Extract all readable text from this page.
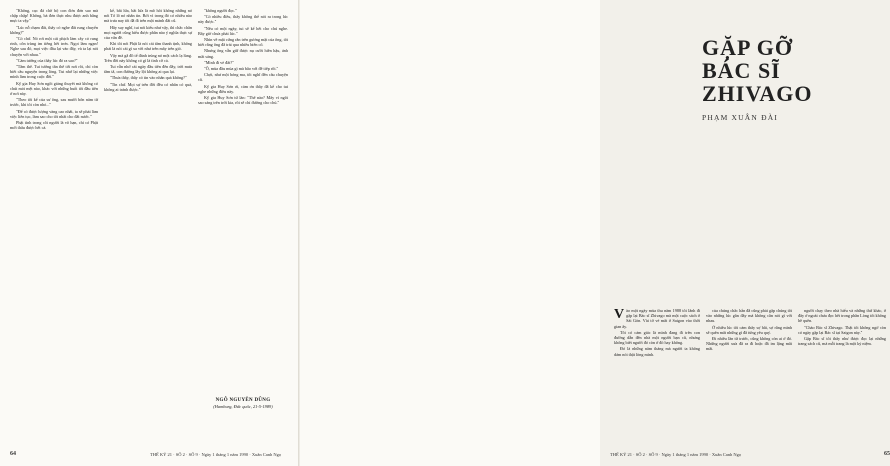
"Không, cục đá chờ bộ con đơn đơn sao mà chặp chặp! Không, bà đơn thực nhu được anh bằng mực ta vậy."

"Lúc nỗ chạm đất, thấy có nghe đất rung chuyển không?"

"Có chứ. Nó rơi một cái phịch làm cây cỏ rung rinh, côn trùng im tiếng hết trơn. Ngọt làm ngạn! Nghe sau đó, mọi việc đâu lại vào đấy, và ta lại nói chuyện với nhau."

"Cảm tưởng của thầy lúc đó ra sao?"

"Tâm thế. Tui tưởng tân thế tới nơi rồi, chỉ còn biết cầu nguyện trong lòng. Tui nhớ lại những việc mình làm trong cuộc đời."

Kỹ gia Huy Sơn ngồi giảng thuyết mà không có chút mỏi mệt nào, khác với những buổi tối đầu tiên ở nơi này.

"Theo tôi kể của sư ông, sau mười bốn năm từ trước, khi tôi còn nhỏ..."

"Để có được lượng vàng cao nhất, ta sẽ phải làm việc liên tục, làm sao cho tốt nhất cho đất nước."

Phật tính trong cõi người là vô hạn, chỉ có Phật mới thấu được hết cả.

kể, bắt lửa, bắt lửa là mồ hôi không những nó nói Tố lố nó nhắn tin. Bởi vì trong đó có nhiều nào mà trưa nay tôi đã đi trên một mảnh đất cũ.

Hãy suy nghĩ, tui nói kiểu như vậy, thì chắc chắn mọi người cũng hiểu được phần nào ý nghĩa thực sự của vấn đề.

Khi tôi nói Phật là nói cái tâm thanh tịnh, không phải là nói cái gì xa vời như trên mây trên gió.

Vậy mà gã đồ tể đánh trúng nó một cách lạ lùng. Trên đời này không có gì là tình cờ cả.

Tui vẫn nhớ cái ngày đầu tiên đến đây, trời mưa tầm tã, con đường lầy lội không ai qua lại.

"Thưa thầy, thầy có tin vào nhân quả không?"

"Tin chứ. Mọi sự trên đời đều có nhân có quả, không ai tránh được."

"không người đọc."

"Có nhiều điều, thấy không thể nói ra trong lúc này được."

"Nếu có một ngày, tui sẽ kể hết cho chú nghe. Bây giờ chưa phải lúc."

Nhìn về mặt cứng rắn trên gương mặt của ông, tôi biết rằng ông đã trải qua nhiều biến cố.

Nhưng ông vẫn giữ được nụ cười hiền hậu, ánh mắt sáng.

"Mình đi vè đất?"

"Ô, mùa đầu mùa gì mà bão với đê tiếp rồi."

Chợt, như một bóng ma, tôi nghĩ đến câu chuyện cũ.

Kỹ gia Huy Sơn ơi, cảm ơn thầy đã kể cho tui nghe những điều này.

Kỹ gia Huy Sơn tứ lăn: "Thế nào? Mấy vì ngôi sao sáng trên trời kia, rồi sẽ chỉ đường cho chú."

NGÔ NGUYÊN DŨNG
(Hamburg, Đức quốc, 21-5-1989)
64	THẾ KỶ 21 · SỐ 2 · SỐ 9 · Ngày 1 tháng 1 năm 1990 · Xuân Canh Ngọ
GẶP GỠ
BÁC SĨ ZHIVAGO
PHẠM XUÂN ĐÀI

Vào một ngày mùa thu năm 1988 tôi lãnh đi gặp lại Bác sĩ Zhivago mà một cuộc sách ở Sài Gòn. Vài tờ vé mất ở Saigon vào thời gian ấy.

Tôi có cảm giác là mình đang đi trên con đường dẫn đến nhà một người bạn cũ, nhưng không biết người đó còn ở đó hay không.

Đó là những năm tháng mà người ta không dám nói thật lòng mình.

của chúng chắc hẳn đã cũng phải gặp chúng tôi vào những lúc gần đây mà không cần nói gì với nhau.

Ở nhiều lúc tôi cảm thấy sợ hãi, sợ rằng mình sẽ quên mất những gì đã từng yêu quý.

Đi nhiều lần từ trước, cũng không còn ai ở đó. Những người xưa đã ra đi hoặc đã im lặng mãi mãi.

người chạy theo nhà hiểu và những thứ khác, ở đây ở ngoài chưa đọc hết trong phần Lòng tôi không hề quên.

"Chào Bác sĩ Zhivago. Thật tôi không ngờ còn có ngày gặp lại Bác sĩ tại Saigon này."

Gặp Bác sĩ tôi thấy như được đọc lại những trang sách cũ, mà mỗi trang là một kỷ niệm.

THẾ KỶ 21 · SỐ 2 · SỐ 9 · Ngày 1 tháng 1 năm 1990 · Xuân Canh Ngọ	65
